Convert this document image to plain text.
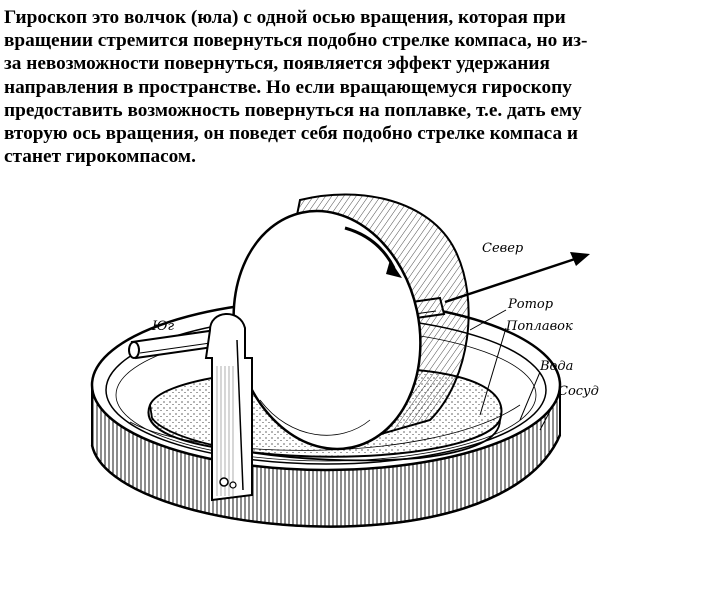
Гироскоп это волчок (юла) с одной осью вращения, которая при
вращении стремится повернуться подобно стрелке компаса, но из-
за невозможности повернуться, появляется эффект удержания
направления в пространстве. Но если вращающемуся гироскопу
предоставить возможность повернуться на поплавке, т.е. дать ему
вторую ось вращения, он поведет себя подобно стрелке компаса и
станет гирокомпасом.
Юг
Север
Ротор
Поплавок
Вода
Сосуд
